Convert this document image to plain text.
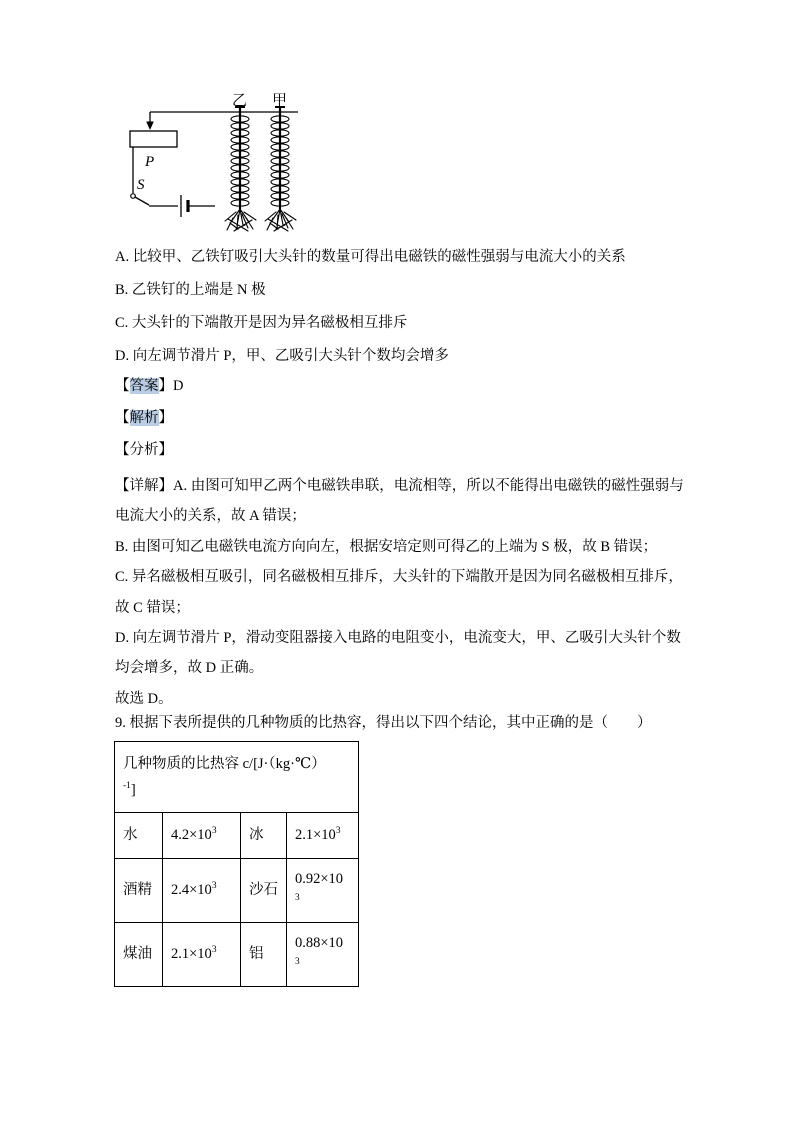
P
S
乙 甲
A. 比较甲、乙铁钉吸引大头针的数量可得出电磁铁的磁性强弱与电流大小的关系
B. 乙铁钉的上端是 N 极
C. 大头针的下端散开是因为异名磁极相互排斥
D. 向左调节滑片 P，甲、乙吸引大头针个数均会增多
【答案】D
【解析】
【分析】
【详解】A. 由图可知甲乙两个电磁铁串联，电流相等，所以不能得出电磁铁的磁性强弱与
电流大小的关系，故 A 错误；
B. 由图可知乙电磁铁电流方向向左，根据安培定则可得乙的上端为 S 极，故 B 错误；
C. 异名磁极相互吸引，同名磁极相互排斥，大头针的下端散开是因为同名磁极相互排斥，
故 C 错误；
D. 向左调节滑片 P，滑动变阻器接入电路的电阻变小，电流变大，甲、乙吸引大头针个数
均会增多，故 D 正确。
故选 D。
9. 根据下表所提供的几种物质的比热容，得出以下四个结论，其中正确的是（　　）
几种物质的比热容 c/[J·（kg·℃）
$^{-1}$]			
水	$4.2\times 10^3$	冰	$2.1\times 10^3$
酒精	$2.4\times 10^3$	沙石	0.92×10
$^3$
煤油	$2.1\times 10^3$	铝	0.88×10
$^3$
